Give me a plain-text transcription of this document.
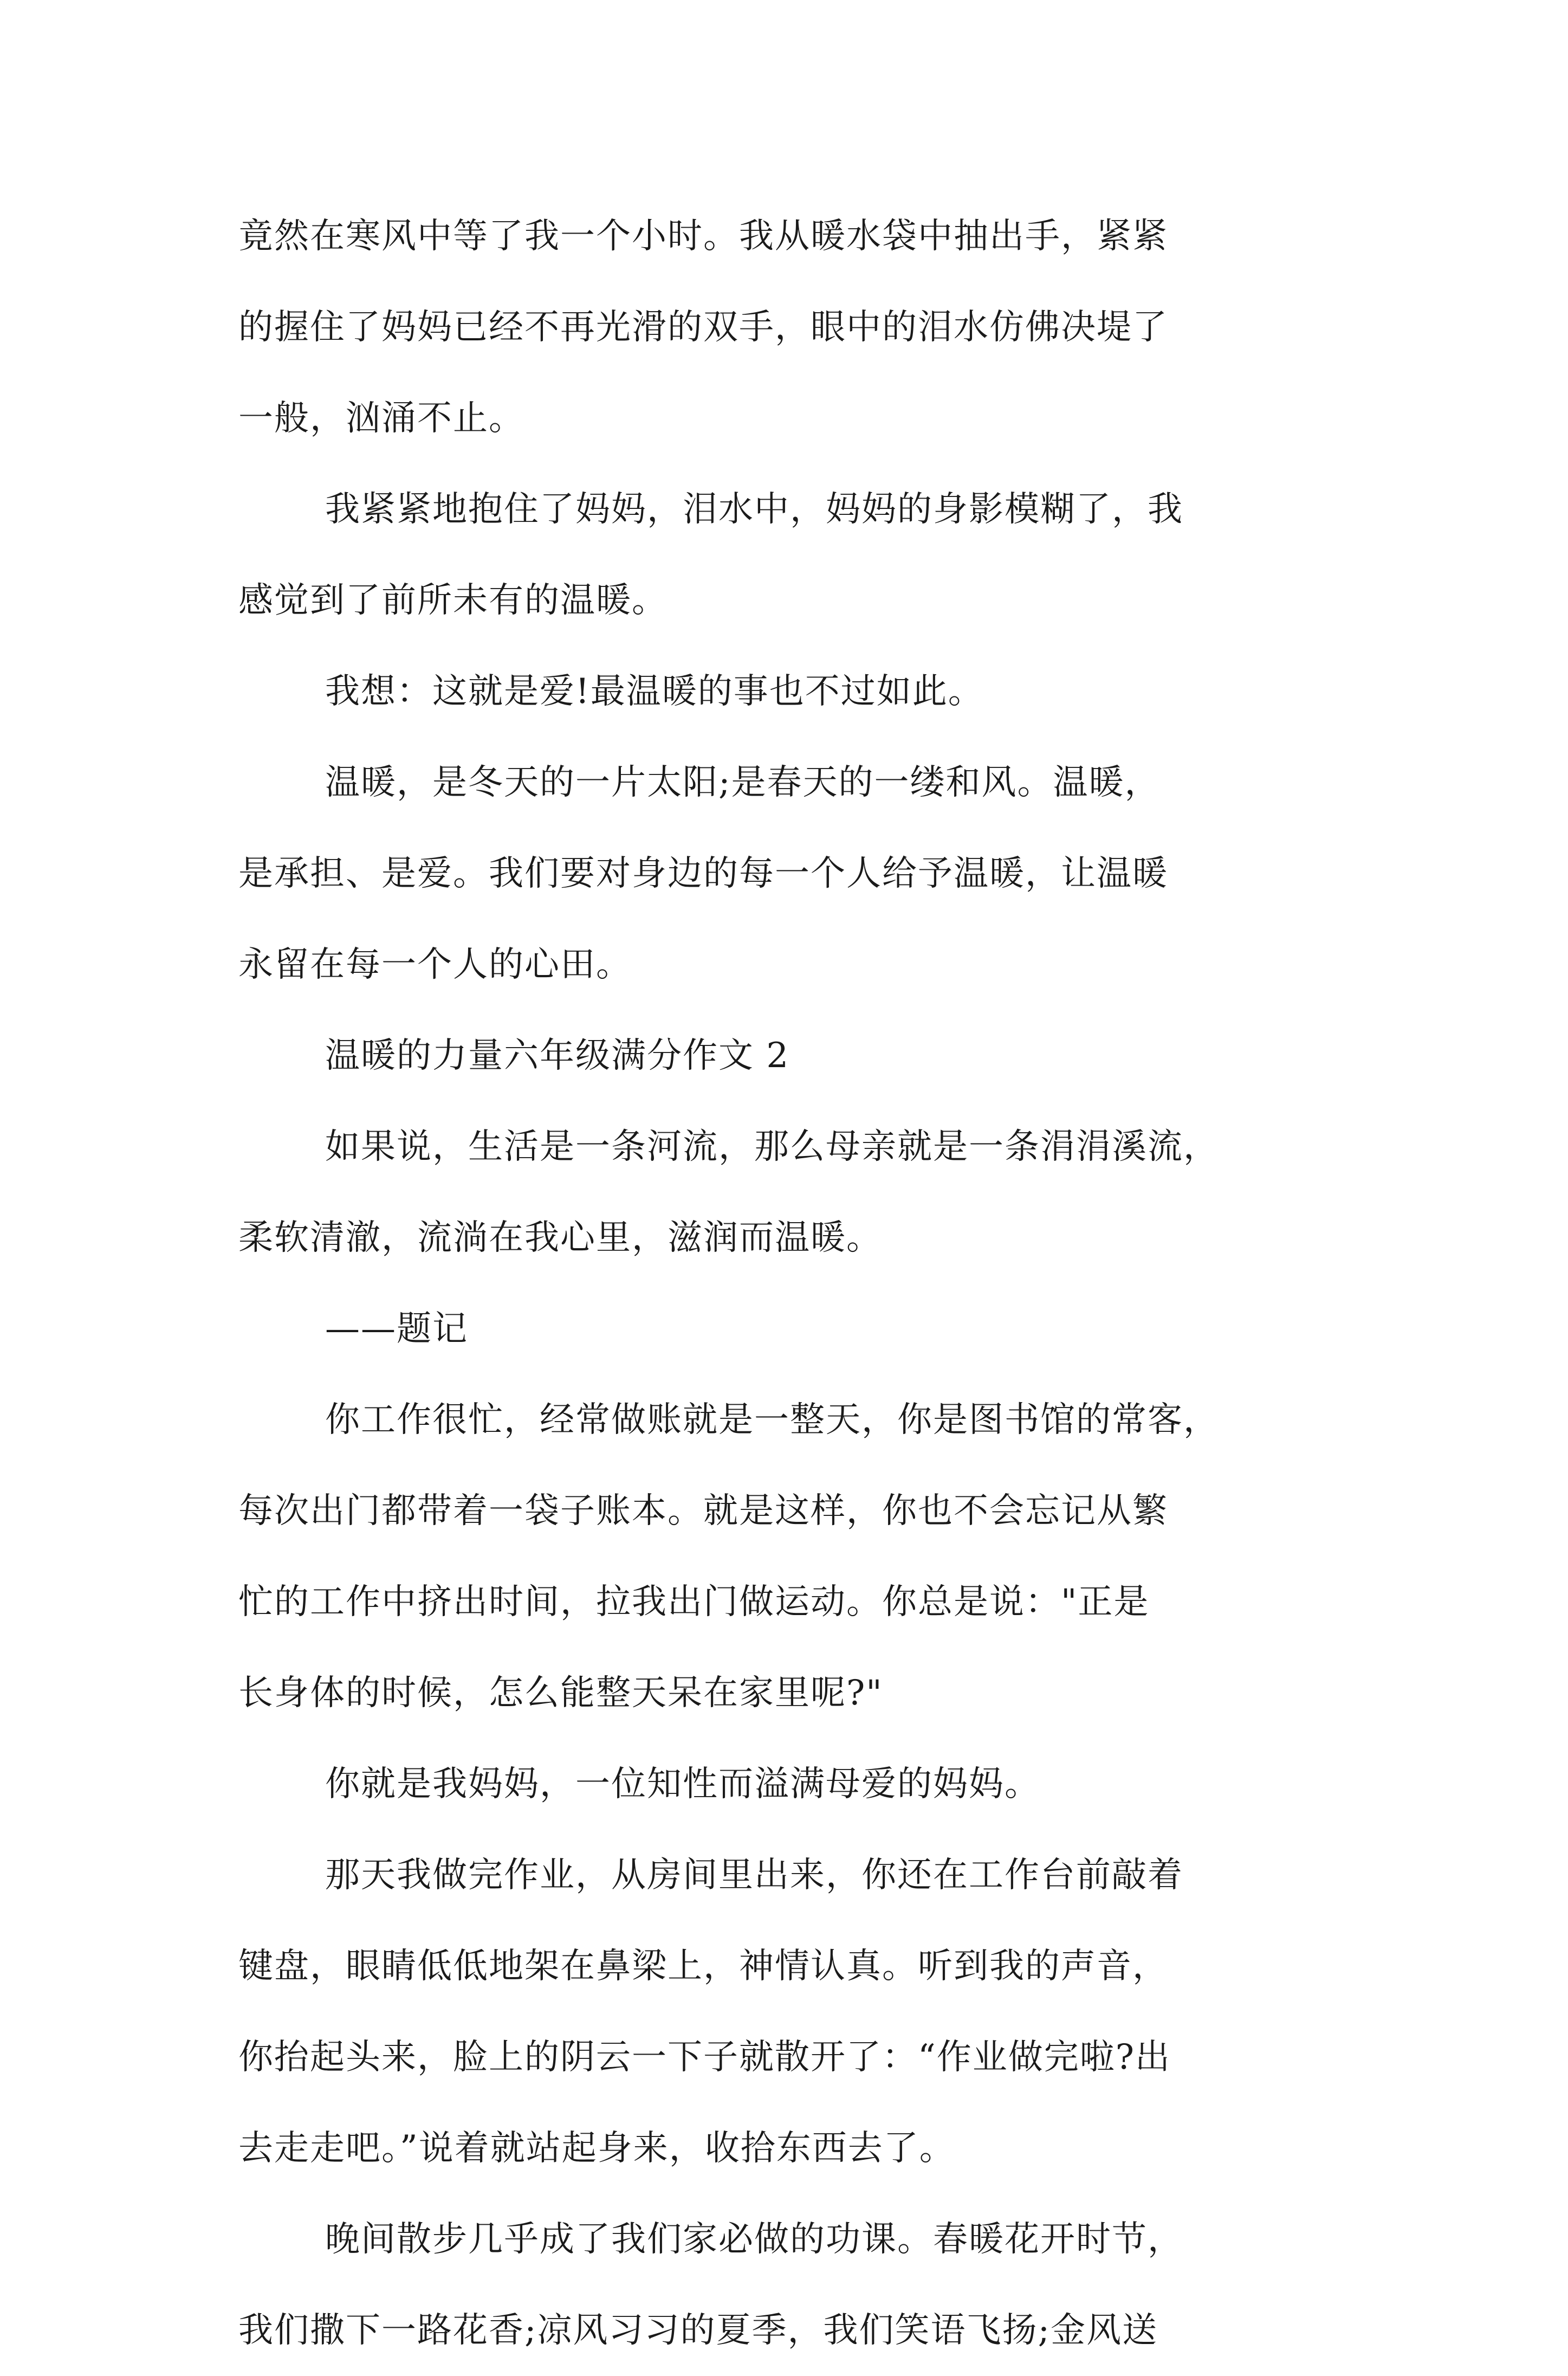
竟然在寒风中等了我一个小时。我从暖水袋中抽出手，紧紧
的握住了妈妈已经不再光滑的双手，眼中的泪水仿佛决堤了
一般，汹涌不止。
我紧紧地抱住了妈妈，泪水中，妈妈的身影模糊了，我
感觉到了前所未有的温暖。
我想：这就是爱!最温暖的事也不过如此。
温暖，是冬天的一片太阳;是春天的一缕和风。温暖，
是承担、是爱。我们要对身边的每一个人给予温暖，让温暖
永留在每一个人的心田。
温暖的力量六年级满分作文 2
如果说，生活是一条河流，那么母亲就是一条涓涓溪流，
柔软清澈，流淌在我心里，滋润而温暖。
——题记
你工作很忙，经常做账就是一整天，你是图书馆的常客，
每次出门都带着一袋子账本。就是这样，你也不会忘记从繁
忙的工作中挤出时间，拉我出门做运动。你总是说："正是
长身体的时候，怎么能整天呆在家里呢?"
你就是我妈妈，一位知性而溢满母爱的妈妈。
那天我做完作业，从房间里出来，你还在工作台前敲着
键盘，眼睛低低地架在鼻梁上，神情认真。听到我的声音，
你抬起头来，脸上的阴云一下子就散开了：“作业做完啦?出
去走走吧。”说着就站起身来，收拾东西去了。
晚间散步几乎成了我们家必做的功课。春暖花开时节，
我们撒下一路花香;凉风习习的夏季，我们笑语飞扬;金风送
